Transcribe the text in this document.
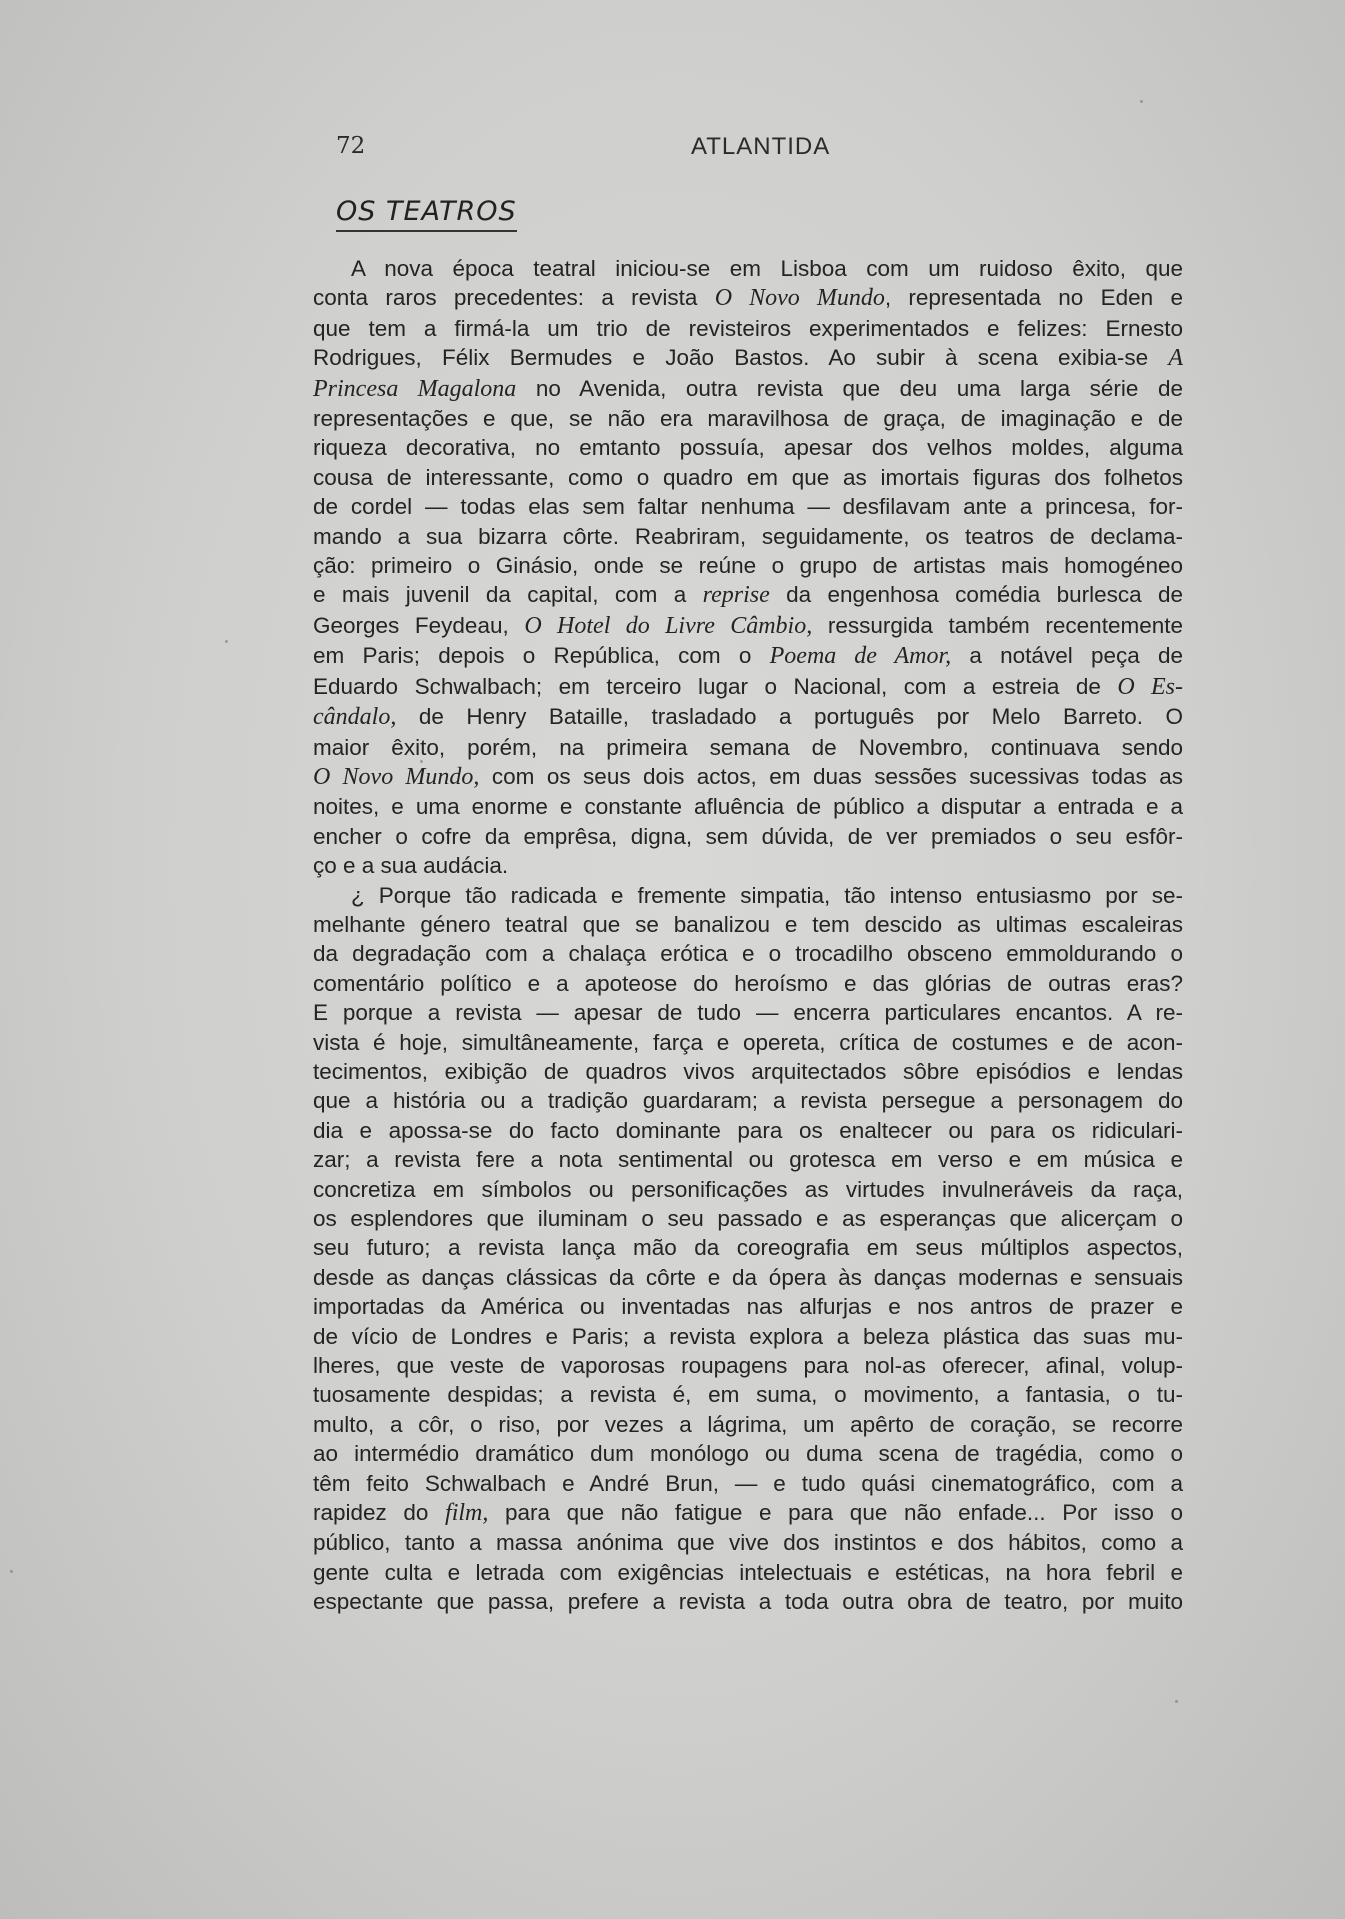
72	ATLANTIDA
OS TEATROS
A nova época teatral iniciou-se em Lisboa com um ruidoso êxito, que
conta raros precedentes: a revista O Novo Mundo, representada no Eden e
que tem a firmá-la um trio de revisteiros experimentados e felizes: Ernesto
Rodrigues, Félix Bermudes e João Bastos. Ao subir à scena exibia-se A
Princesa Magalona no Avenida, outra revista que deu uma larga série de
representações e que, se não era maravilhosa de graça, de imaginação e de
riqueza decorativa, no emtanto possuía, apesar dos velhos moldes, alguma
cousa de interessante, como o quadro em que as imortais figuras dos folhetos
de cordel — todas elas sem faltar nenhuma — desfilavam ante a princesa, for-
mando a sua bizarra côrte. Reabriram, seguidamente, os teatros de declama-
ção: primeiro o Ginásio, onde se reúne o grupo de artistas mais homogéneo
e mais juvenil da capital, com a reprise da engenhosa comédia burlesca de
Georges Feydeau, O Hotel do Livre Câmbio, ressurgida também recentemente
em Paris; depois o República, com o Poema de Amor, a notável peça de
Eduardo Schwalbach; em terceiro lugar o Nacional, com a estreia de O Es-
cândalo, de Henry Bataille, trasladado a português por Melo Barreto. O
maior êxito, porém, na primeira semana de Novembro, continuava sendo
O Novo Mundo, com os seus dois actos, em duas sessões sucessivas todas as
noites, e uma enorme e constante afluência de público a disputar a entrada e a
encher o cofre da emprêsa, digna, sem dúvida, de ver premiados o seu esfôr-
ço e a sua audácia.
¿ Porque tão radicada e fremente simpatia, tão intenso entusiasmo por se-
melhante género teatral que se banalizou e tem descido as ultimas escaleiras
da degradação com a chalaça erótica e o trocadilho obsceno emmoldurando o
comentário político e a apoteose do heroísmo e das glórias de outras eras?
E porque a revista — apesar de tudo — encerra particulares encantos. A re-
vista é hoje, simultâneamente, farça e opereta, crítica de costumes e de acon-
tecimentos, exibição de quadros vivos arquitectados sôbre episódios e lendas
que a história ou a tradição guardaram; a revista persegue a personagem do
dia e apossa-se do facto dominante para os enaltecer ou para os ridiculari-
zar; a revista fere a nota sentimental ou grotesca em verso e em música e
concretiza em símbolos ou personificações as virtudes invulneráveis da raça,
os esplendores que iluminam o seu passado e as esperanças que alicerçam o
seu futuro; a revista lança mão da coreografia em seus múltiplos aspectos,
desde as danças clássicas da côrte e da ópera às danças modernas e sensuais
importadas da América ou inventadas nas alfurjas e nos antros de prazer e
de vício de Londres e Paris; a revista explora a beleza plástica das suas mu-
lheres, que veste de vaporosas roupagens para nol-as oferecer, afinal, volup-
tuosamente despidas; a revista é, em suma, o movimento, a fantasia, o tu-
multo, a côr, o riso, por vezes a lágrima, um apêrto de coração, se recorre
ao intermédio dramático dum monólogo ou duma scena de tragédia, como o
têm feito Schwalbach e André Brun, — e tudo quási cinematográfico, com a
rapidez do film, para que não fatigue e para que não enfade... Por isso o
público, tanto a massa anónima que vive dos instintos e dos hábitos, como a
gente culta e letrada com exigências intelectuais e estéticas, na hora febril e
espectante que passa, prefere a revista a toda outra obra de teatro, por muito
